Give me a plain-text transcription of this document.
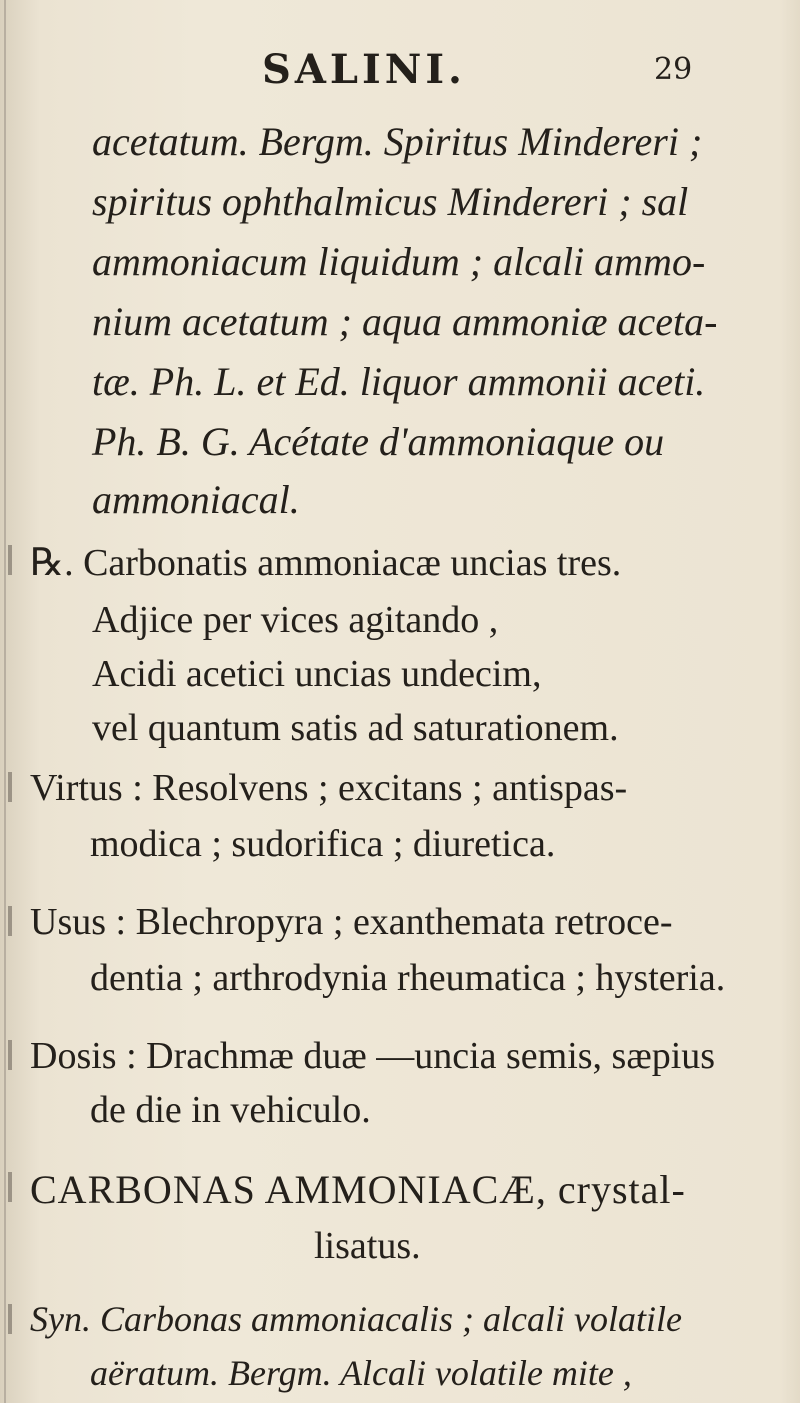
SALINI.	29
acetatum. Bergm. Spiritus Mindereri ;
spiritus ophthalmicus Mindereri ; sal
ammoniacum liquidum ; alcali ammo-
nium acetatum ; aqua ammoniæ aceta-
tæ. Ph. L. et Ed. liquor ammonii aceti.
Ph. B. G. Acétate d'ammoniaque ou
ammoniacal.
℞. Carbonatis ammoniacæ uncias tres.
Adjice per vices agitando ,
Acidi acetici uncias undecim,
vel quantum satis ad saturationem.
Virtus : Resolvens ; excitans ; antispas-
modica ; sudorifica ; diuretica.
Usus : Blechropyra ; exanthemata retroce-
dentia ; arthrodynia rheumatica ; hysteria.
Dosis : Drachmæ duæ —uncia semis, sæpius
de die in vehiculo.
CARBONAS AMMONIACÆ, crystal-
lisatus.
Syn. Carbonas ammoniacalis ; alcali volatile
aëratum. Bergm. Alcali volatile mite ,
